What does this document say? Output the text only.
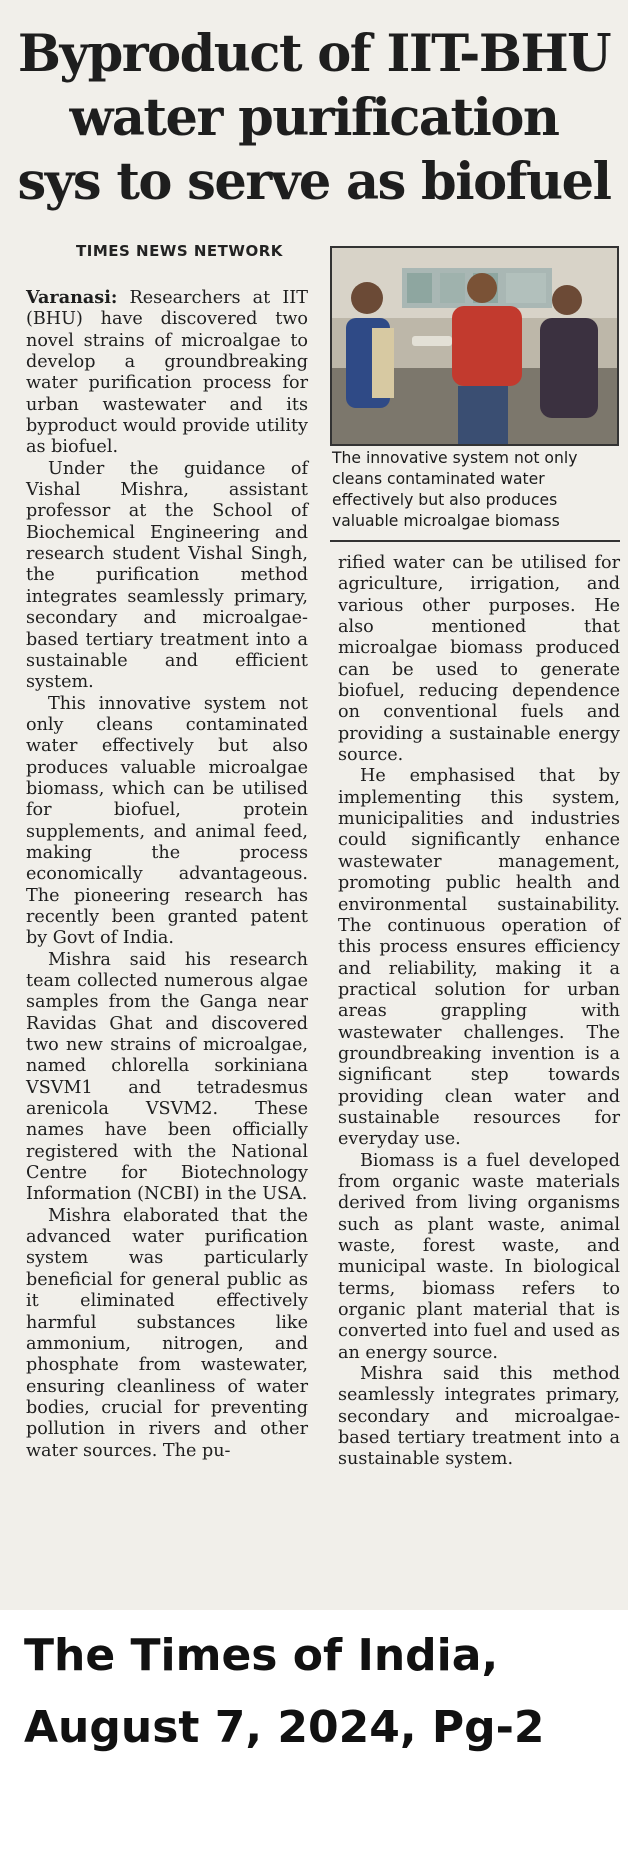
Byproduct of IIT-BHU
water purification
sys to serve as biofuel
TIMES NEWS NETWORK

Varanasi: Researchers at IIT (BHU) have discovered two novel strains of microalgae to develop a groundbreaking water purification process for urban wastewater and its byproduct would provide utility as biofuel.

Under the guidance of Vishal Mishra, assistant professor at the School of Biochemical Engineering and research student Vishal Singh, the purification method integrates seamlessly primary, secondary and microalgae-based tertiary treatment into a sustainable and efficient system.

This innovative system not only cleans contaminated water effectively but also produces valuable microalgae biomass, which can be utilised for biofuel, protein supplements, and animal feed, making the process economically advantageous. The pioneering research has recently been granted patent by Govt of India.

Mishra said his research team collected numerous algae samples from the Ganga near Ravidas Ghat and discovered two new strains of microalgae, named chlorella sorkiniana VSVM1 and tetradesmus arenicola VSVM2. These names have been officially registered with the National Centre for Biotechnology Information (NCBI) in the USA.

Mishra elaborated that the advanced water purification system was particularly beneficial for general public as it eliminated effectively harmful substances like ammonium, nitrogen, and phosphate from wastewater, ensuring cleanliness of water bodies, crucial for preventing pollution in rivers and other water sources. The pu-

The innovative system not only cleans contaminated water effectively but also produces valuable microalgae biomass

rified water can be utilised for agriculture, irrigation, and various other purposes. He also mentioned that microalgae biomass produced can be used to generate biofuel, reducing dependence on conventional fuels and providing a sustainable energy source.

He emphasised that by implementing this system, municipalities and industries could significantly enhance wastewater management, promoting public health and environmental sustainability. The continuous operation of this process ensures efficiency and reliability, making it a practical solution for urban areas grappling with wastewater challenges. The groundbreaking invention is a significant step towards providing clean water and sustainable resources for everyday use.

Biomass is a fuel developed from organic waste materials derived from living organisms such as plant waste, animal waste, forest waste, and municipal waste. In biological terms, biomass refers to organic plant material that is converted into fuel and used as an energy source.

Mishra said this method seamlessly integrates primary, secondary and microalgae-based tertiary treatment into a sustainable system.

The Times of India,
August 7, 2024, Pg-2
